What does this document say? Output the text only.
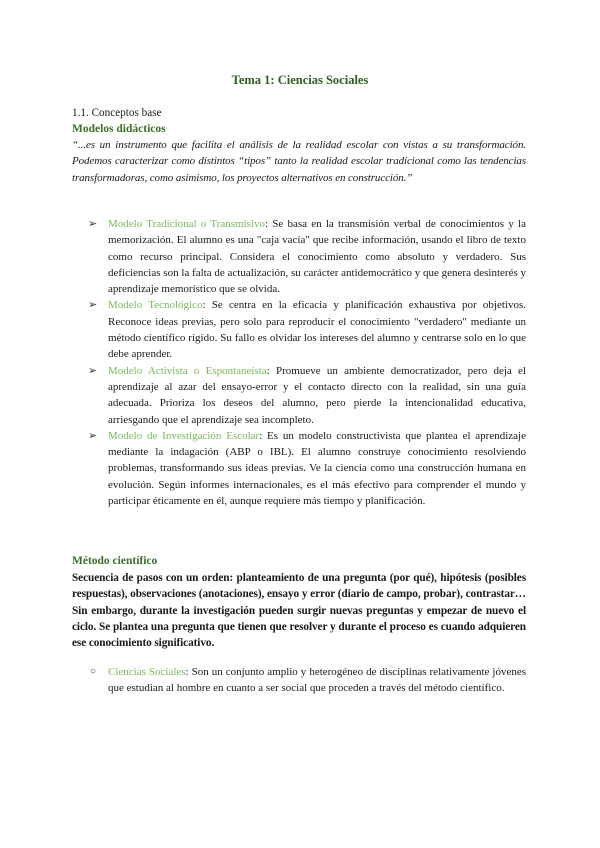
Tema 1: Ciencias Sociales
1.1. Conceptos base
Modelos didácticos
“...es un instrumento que facilita el análisis de la realidad escolar con vistas a su transformación. Podemos caracterizar como distintos “tipos” tanto la realidad escolar tradicional como las tendencias transformadoras, como asimismo, los proyectos alternativos en construcción.”
➢ Modelo Tradicional o Transmisivo: Se basa en la transmisión verbal de conocimientos y la memorización. El alumno es una "caja vacía" que recibe información, usando el libro de texto como recurso principal. Considera el conocimiento como absoluto y verdadero. Sus deficiencias son la falta de actualización, su carácter antidemocrático y que genera desinterés y aprendizaje memorístico que se olvida.
➢ Modelo Tecnológico: Se centra en la eficacia y planificación exhaustiva por objetivos. Reconoce ideas previas, pero solo para reproducir el conocimiento "verdadero" mediante un método científico rígido. Su fallo es olvidar los intereses del alumno y centrarse solo en lo que debe aprender.
➢ Modelo Activista o Espontaneísta: Promueve un ambiente democratizador, pero deja el aprendizaje al azar del ensayo-error y el contacto directo con la realidad, sin una guía adecuada. Prioriza los deseos del alumno, pero pierde la intencionalidad educativa, arriesgando que el aprendizaje sea incompleto.
➢ Modelo de Investigación Escolar: Es un modelo constructivista que plantea el aprendizaje mediante la indagación (ABP o IBL). El alumno construye conocimiento resolviendo problemas, transformando sus ideas previas. Ve la ciencia como una construcción humana en evolución. Según informes internacionales, es el más efectivo para comprender el mundo y participar éticamente en él, aunque requiere más tiempo y planificación.
Método científico
Secuencia de pasos con un orden: planteamiento de una pregunta (por qué), hipótesis (posibles respuestas), observaciones (anotaciones), ensayo y error (diario de campo, probar), contrastar… Sin embargo, durante la investigación pueden surgir nuevas preguntas y empezar de nuevo el ciclo. Se plantea una pregunta que tienen que resolver y durante el proceso es cuando adquieren ese conocimiento significativo.
○ Ciencias Sociales: Son un conjunto amplio y heterogéneo de disciplinas relativamente jóvenes que estudian al hombre en cuanto a ser social que proceden a través del método científico.
